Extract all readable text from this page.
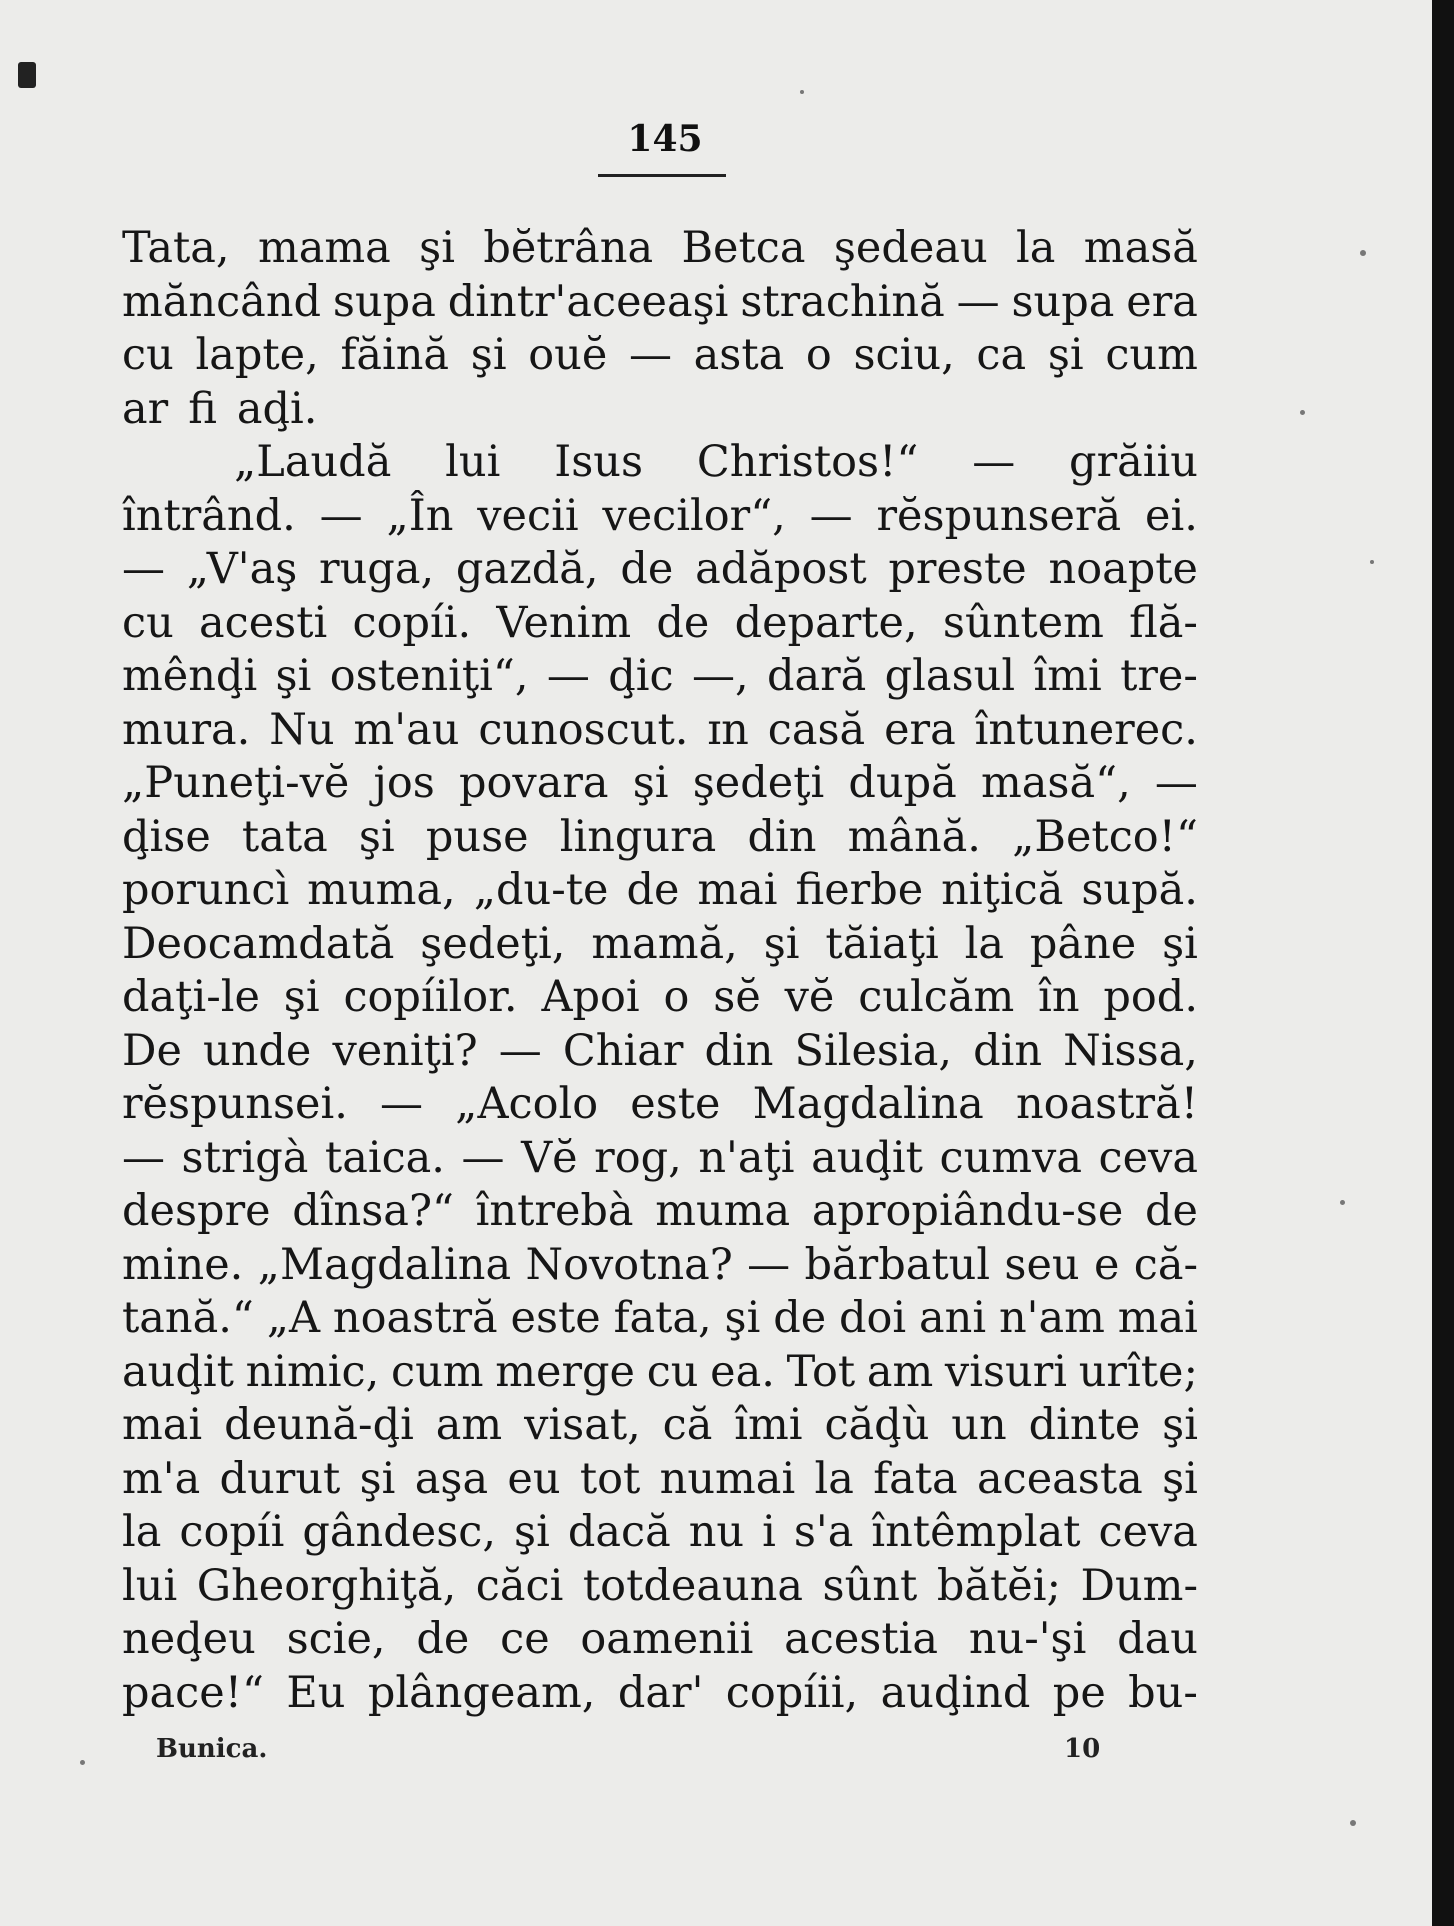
145
Tata, mama şi bĕtrâna Betca şedeau la masă
măncând supa dintr'aceeaşi strachină — supa era
cu lapte, făină şi ouĕ — asta o sciu, ca şi cum
ar fi aḑi.
„Laudă lui Isus Christos!“ — grăiiu
întrând. — „În vecii vecilor“, — rĕspunseră ei.
— „V'aş ruga, gazdă, de adăpost preste noapte
cu acesti copíi. Venim de departe, sûntem flă-
mênḑi şi osteniţi“, — ḑic —, dară glasul îmi tre-
mura. Nu m'au cunoscut. ɪn casă era întunerec.
„Puneţi-vĕ jos povara şi şedeţi după masă“, —
ḑise tata şi puse lingura din mână. „Betco!“
poruncì muma, „du-te de mai fierbe niţică supă.
Deocamdată şedeţi, mamă, şi tăiaţi la pâne şi
daţi-le şi copíilor. Apoi o sĕ vĕ culcăm în pod.
De unde veniţi? — Chiar din Silesia, din Nissa,
rĕspunsei. — „Acolo este Magdalina noastră!
— strigà taica. — Vĕ rog, n'aţi auḑit cumva ceva
despre dînsa?“ întrebà muma apropiându-se de
mine. „Magdalina Novotna? — bărbatul seu e că-
tană.“ „A noastră este fata, şi de doi ani n'am mai
auḑit nimic, cum merge cu ea. Tot am visuri urîte;
mai deună-ḑi am visat, că îmi căḑù un dinte şi
m'a durut şi aşa eu tot numai la fata aceasta şi
la copíi gândesc, şi dacă nu i s'a întêmplat ceva
lui Gheorghiţă, căci totdeauna sûnt bătĕi; Dum-
neḑeu scie, de ce oamenii acestia nu-'şi dau
pace!“ Eu plângeam, dar' copíii, auḑind pe bu-
Bunica.	10
